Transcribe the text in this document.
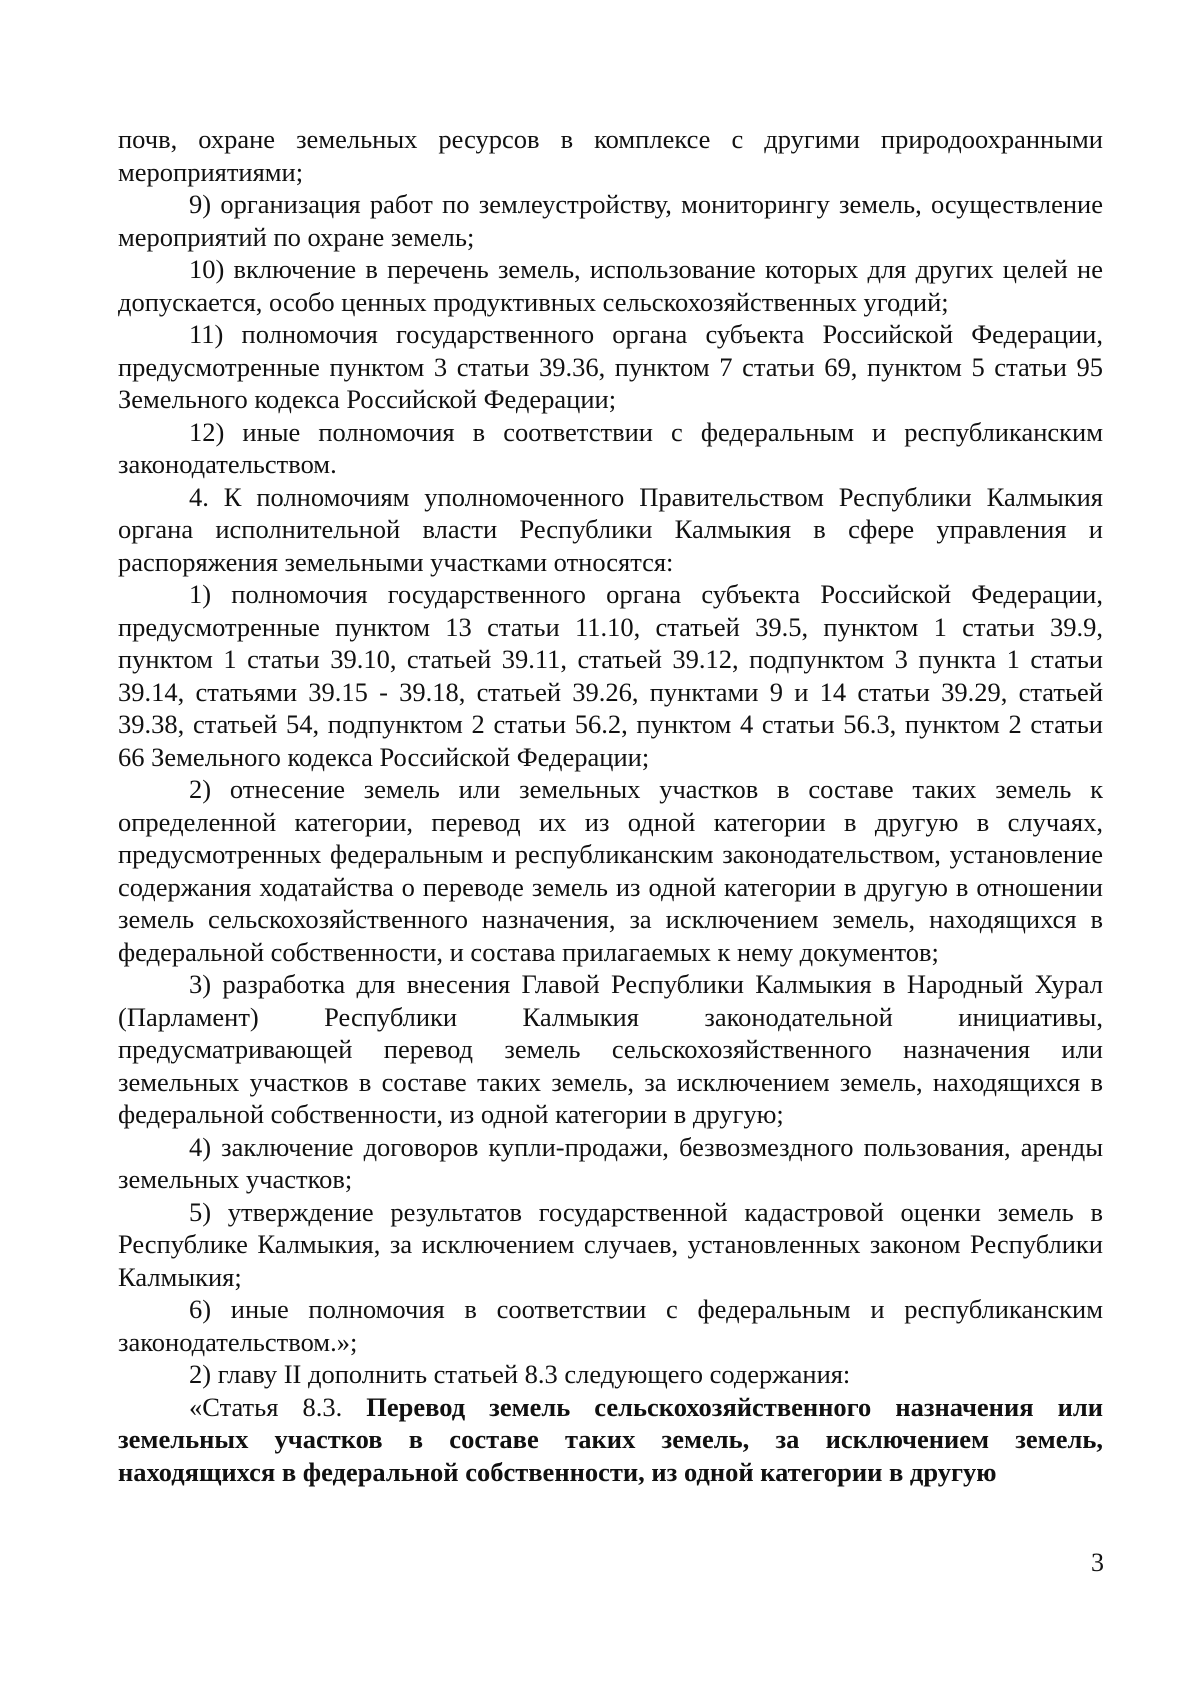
почв, охране земельных ресурсов в комплексе с другими природоохранными мероприятиями;

9) организация работ по землеустройству, мониторингу земель, осуществление мероприятий по охране земель;

10) включение в перечень земель, использование которых для других целей не допускается, особо ценных продуктивных сельскохозяйственных угодий;

11) полномочия государственного органа субъекта Российской Федерации, предусмотренные пунктом 3 статьи 39.36, пунктом 7 статьи 69, пунктом 5 статьи 95 Земельного кодекса Российской Федерации;

12) иные полномочия в соответствии с федеральным и республиканским законодательством.

4. К полномочиям уполномоченного Правительством Республики Калмыкия органа исполнительной власти Республики Калмыкия в сфере управления и распоряжения земельными участками относятся:

1) полномочия государственного органа субъекта Российской Федерации, предусмотренные пунктом 13 статьи 11.10, статьей 39.5, пунктом 1 статьи 39.9, пунктом 1 статьи 39.10, статьей 39.11, статьей 39.12, подпунктом 3 пункта 1 статьи 39.14, статьями 39.15 - 39.18, статьей 39.26, пунктами 9 и 14 статьи 39.29, статьей 39.38, статьей 54, подпунктом 2 статьи 56.2, пунктом 4 статьи 56.3, пунктом 2 статьи 66 Земельного кодекса Российской Федерации;

2) отнесение земель или земельных участков в составе таких земель к определенной категории, перевод их из одной категории в другую в случаях, предусмотренных федеральным и республиканским законодательством, установление содержания ходатайства о переводе земель из одной категории в другую в отношении земель сельскохозяйственного назначения, за исключением земель, находящихся в федеральной собственности, и состава прилагаемых к нему документов;

3) разработка для внесения Главой Республики Калмыкия в Народный Хурал (Парламент) Республики Калмыкия законодательной инициативы, предусматривающей перевод земель сельскохозяйственного назначения или земельных участков в составе таких земель, за исключением земель, находящихся в федеральной собственности, из одной категории в другую;

4) заключение договоров купли-продажи, безвозмездного пользования, аренды земельных участков;

5) утверждение результатов государственной кадастровой оценки земель в Республике Калмыкия, за исключением случаев, установленных законом Республики Калмыкия;

6) иные полномочия в соответствии с федеральным и республиканским законодательством.»;

2) главу II дополнить статьей 8.3 следующего содержания:

«Статья 8.3. Перевод земель сельскохозяйственного назначения или земельных участков в составе таких земель, за исключением земель, находящихся в федеральной собственности, из одной категории в другую

3
